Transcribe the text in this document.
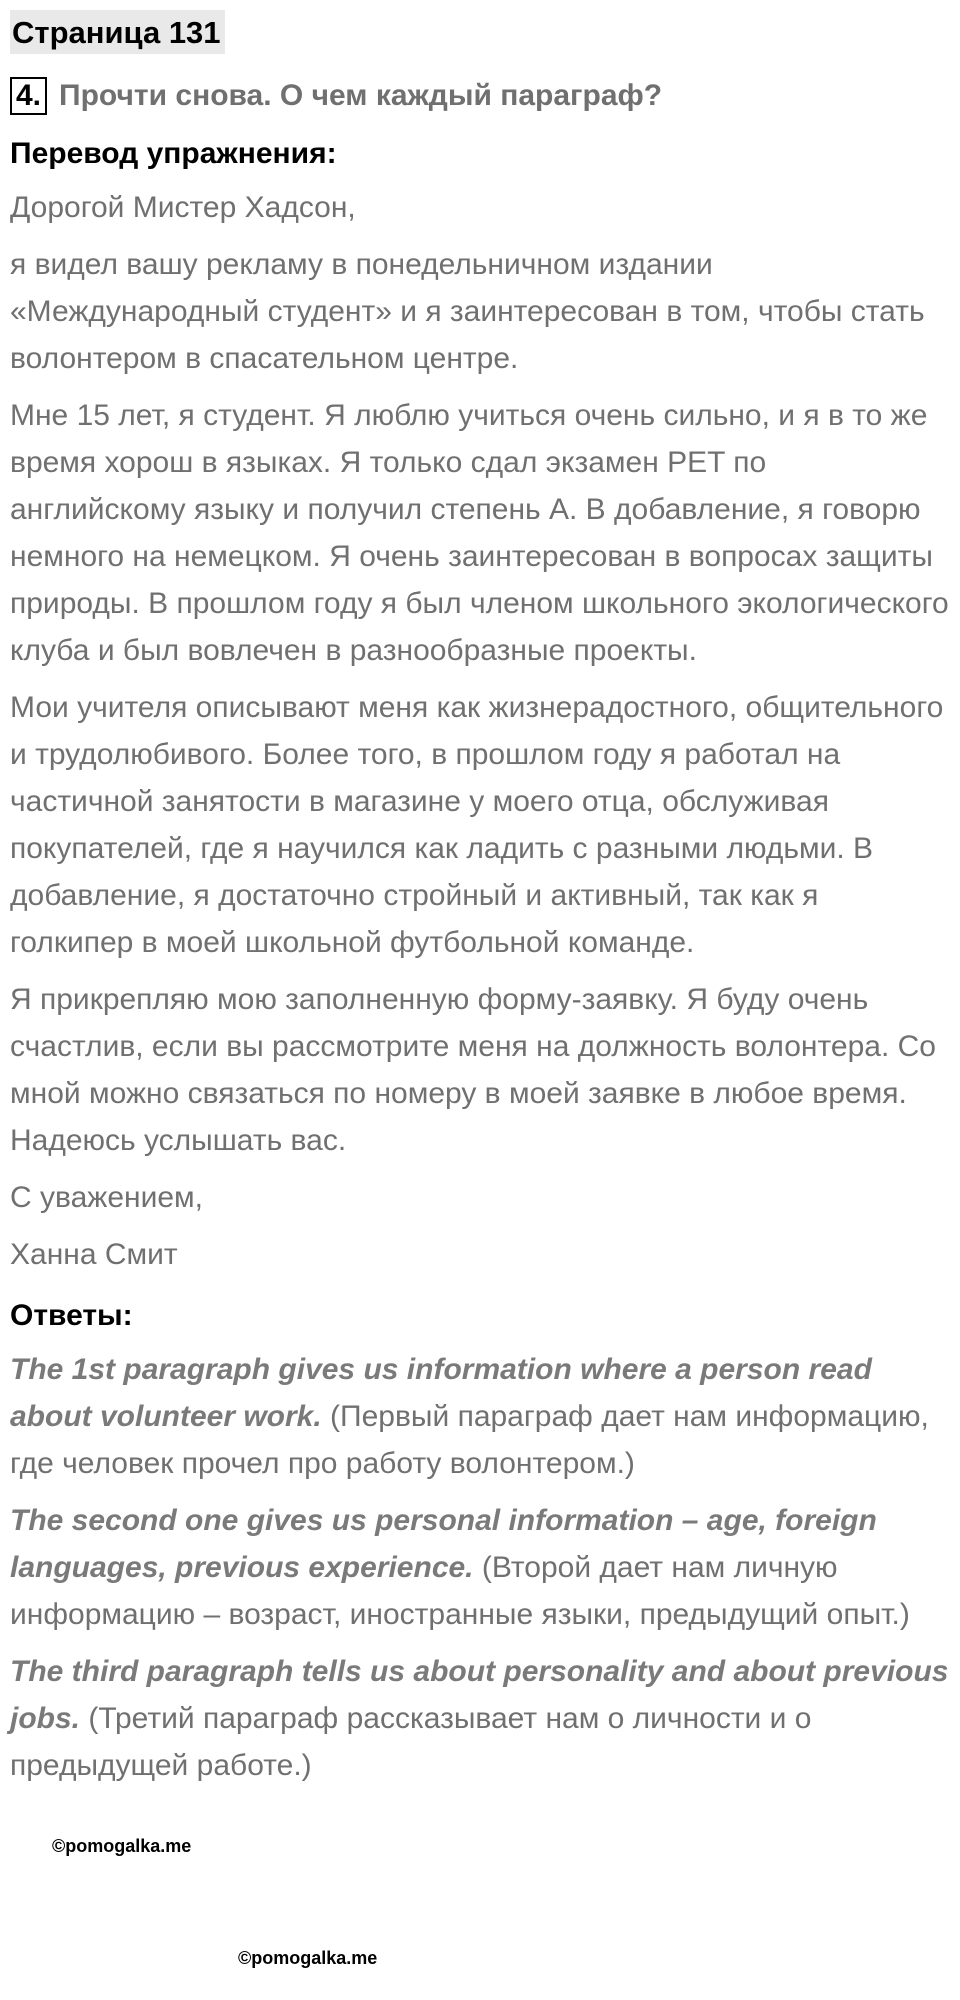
Страница 131
4. Прочти снова. О чем каждый параграф?
Перевод упражнения:

Дорогой Мистер Хадсон,

я видел вашу рекламу в понедельничном издании «Международный студент» и я заинтересован в том, чтобы стать волонтером в спасательном центре.

Мне 15 лет, я студент. Я люблю учиться очень сильно, и я в то же время хорош в языках. Я только сдал экзамен PET по английскому языку и получил степень А. В добавление, я говорю немного на немецком. Я очень заинтересован в вопросах защиты природы. В прошлом году я был членом школьного экологического клуба и был вовлечен в разнообразные проекты.

Мои учителя описывают меня как жизнерадостного, общительного и трудолюбивого. Более того, в прошлом году я работал на частичной занятости в магазине у моего отца, обслуживая покупателей, где я научился как ладить с разными людьми. В добавление, я достаточно стройный и активный, так как я голкипер в моей школьной футбольной команде.

Я прикрепляю мою заполненную форму-заявку. Я буду очень счастлив, если вы рассмотрите меня на должность волонтера. Со мной можно связаться по номеру в моей заявке в любое время. Надеюсь услышать вас.

С уважением,

Ханна Смит

Ответы:
The 1st paragraph gives us information where a person read about volunteer work. (Первый параграф дает нам информацию, где человек прочел про работу волонтером.)
The second one gives us personal information – age, foreign languages, previous experience. (Второй дает нам личную информацию – возраст, иностранные языки, предыдущий опыт.)
The third paragraph tells us about personality and about previous jobs. (Третий параграф рассказывает нам о личности и о предыдущей работе.)
©pomogalka.me
©pomogalka.me
